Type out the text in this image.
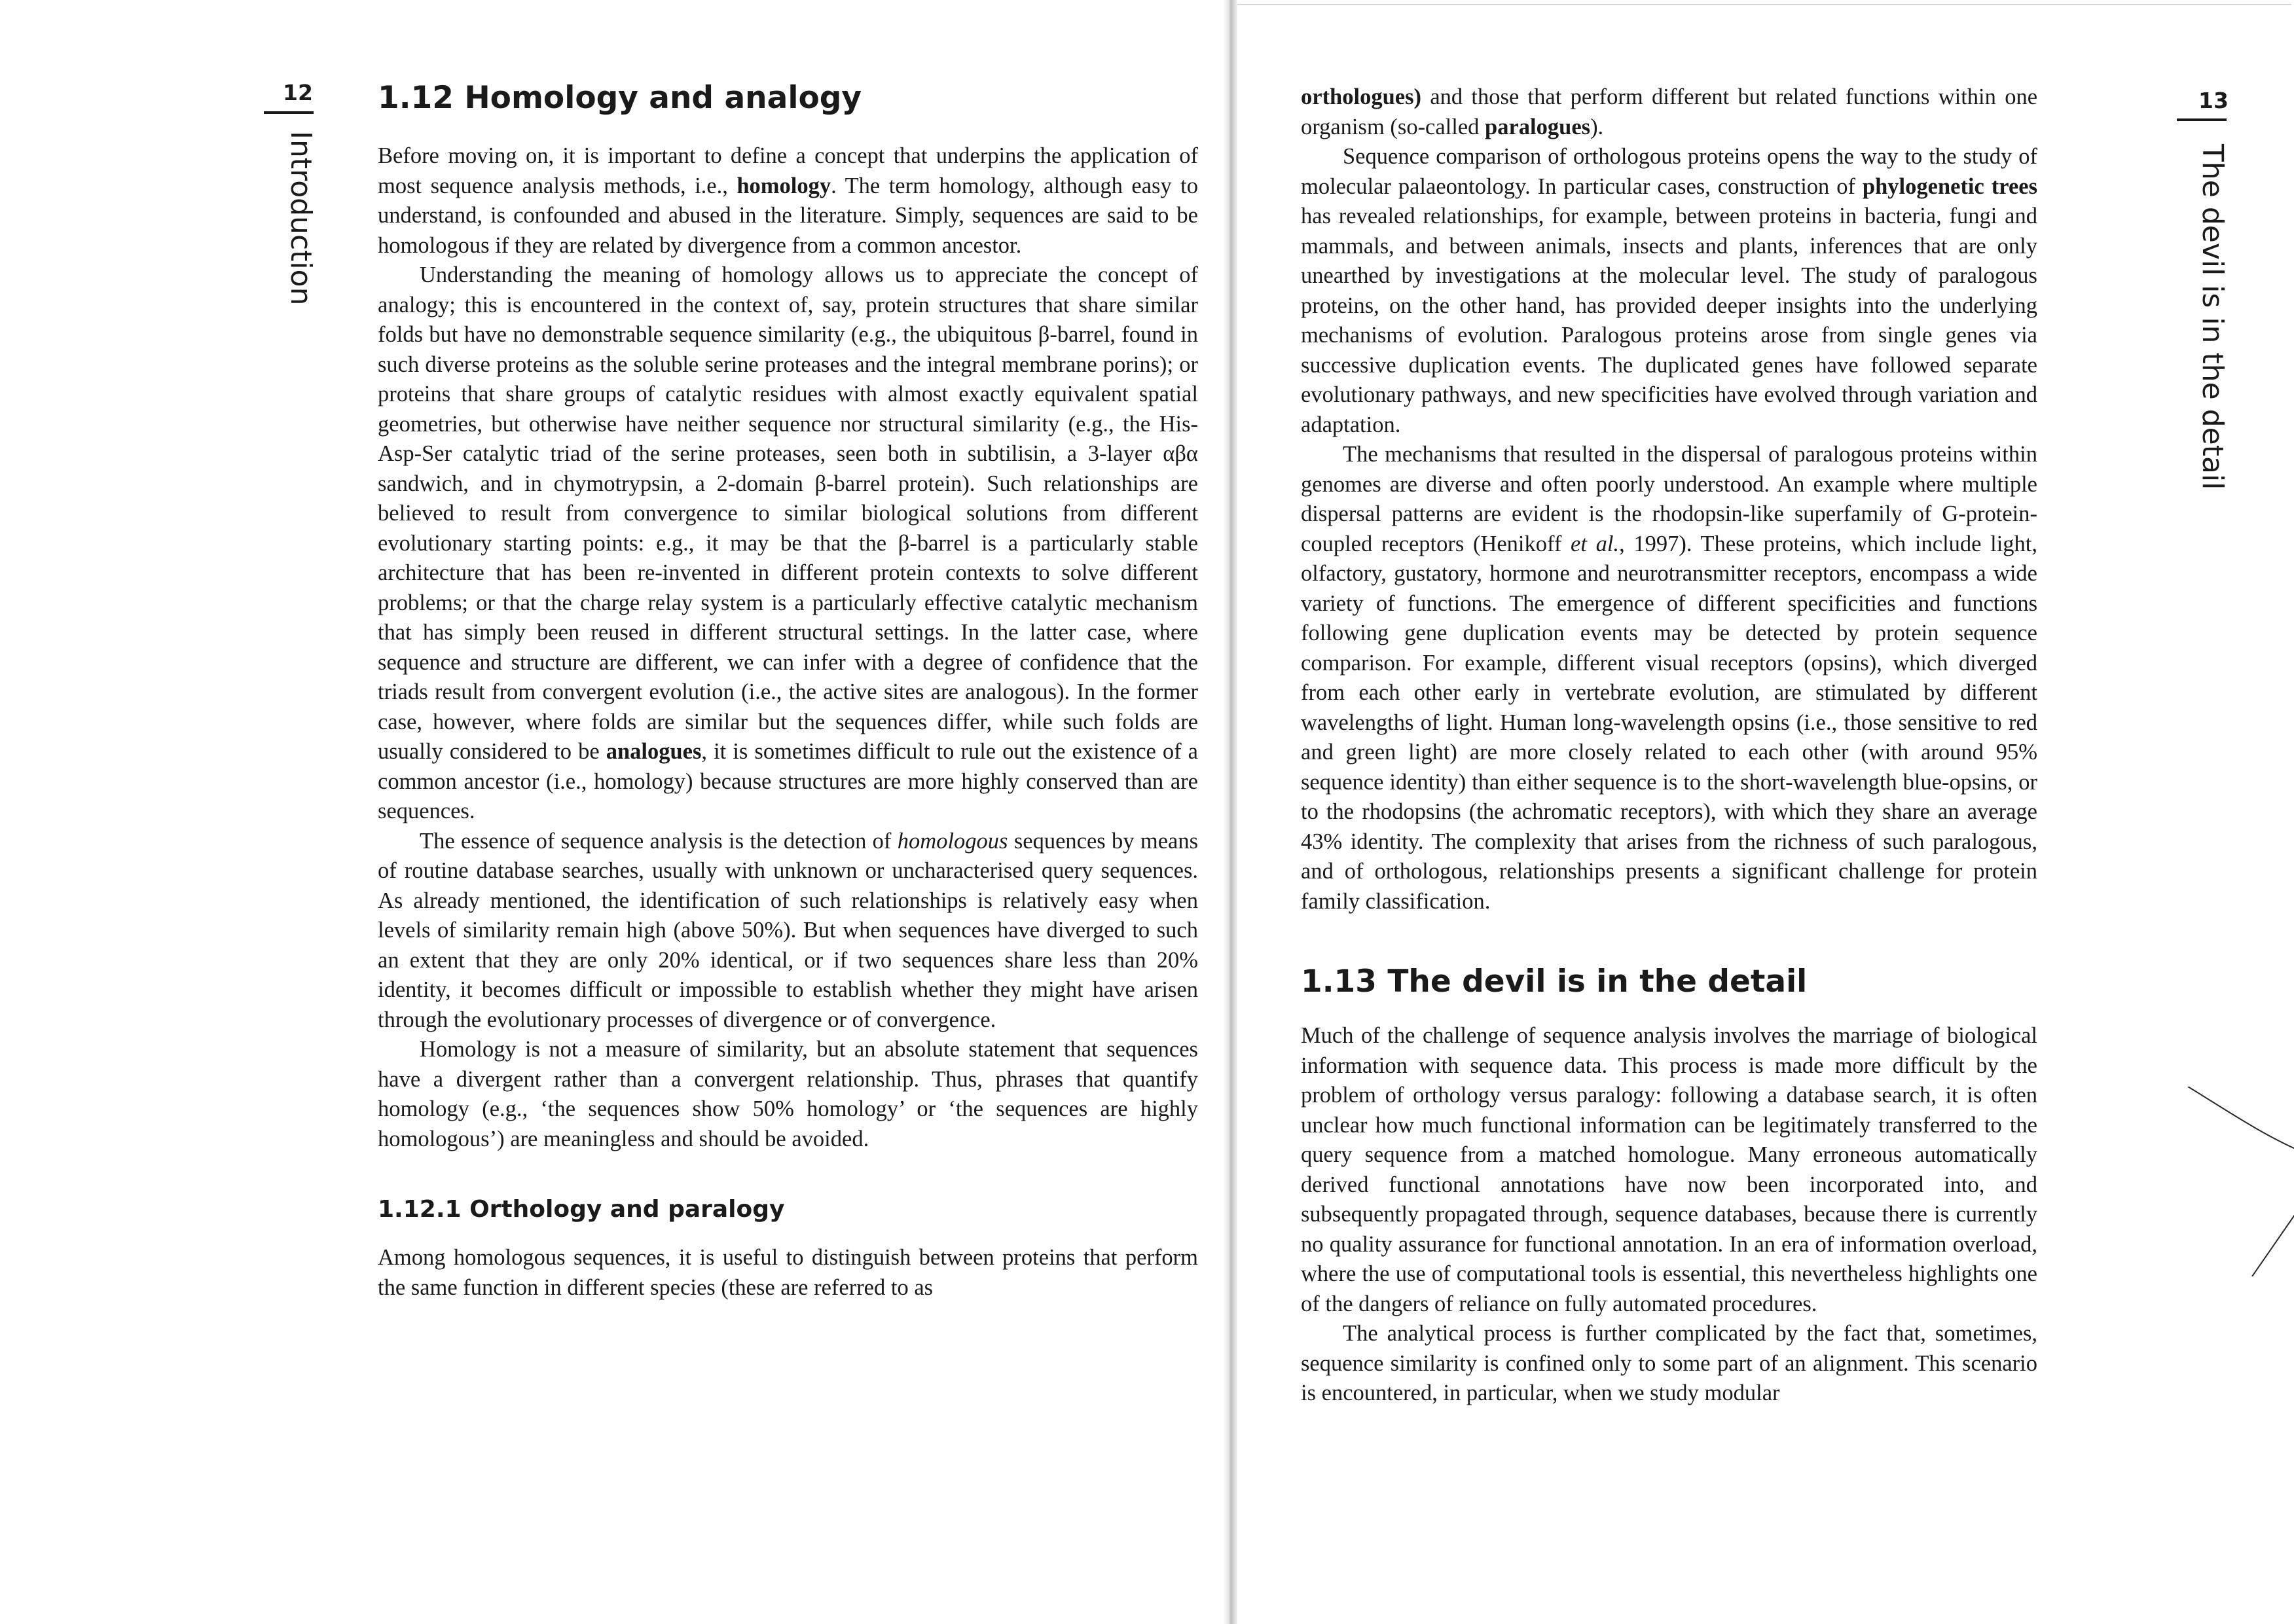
12
Introduction
1.12 Homology and analogy

Before moving on, it is important to define a concept that underpins the application of most sequence analysis methods, i.e., homology. The term homology, although easy to understand, is confounded and abused in the literature. Simply, sequences are said to be homologous if they are related by divergence from a common ancestor.

Understanding the meaning of homology allows us to appreciate the concept of analogy; this is encountered in the context of, say, protein structures that share similar folds but have no demonstrable sequence similarity (e.g., the ubiquitous β-barrel, found in such diverse proteins as the soluble serine proteases and the integral membrane porins); or proteins that share groups of catalytic residues with almost exactly equivalent spatial geometries, but otherwise have neither sequence nor structural similarity (e.g., the His-Asp-Ser catalytic triad of the serine proteases, seen both in subtilisin, a 3-layer αβα sandwich, and in chymotrypsin, a 2-domain β-barrel protein). Such relationships are believed to result from convergence to similar biological solutions from different evolutionary starting points: e.g., it may be that the β-barrel is a particularly stable architecture that has been re-invented in different protein contexts to solve different problems; or that the charge relay system is a particularly effective catalytic mechanism that has simply been reused in different structural settings. In the latter case, where sequence and structure are different, we can infer with a degree of confidence that the triads result from convergent evolution (i.e., the active sites are analogous). In the former case, however, where folds are similar but the sequences differ, while such folds are usually considered to be analogues, it is sometimes difficult to rule out the existence of a common ancestor (i.e., homology) because structures are more highly conserved than are sequences.

The essence of sequence analysis is the detection of homologous sequences by means of routine database searches, usually with unknown or uncharacterised query sequences. As already mentioned, the identification of such relationships is relatively easy when levels of similarity remain high (above 50%). But when sequences have diverged to such an extent that they are only 20% identical, or if two sequences share less than 20% identity, it becomes difficult or impossible to establish whether they might have arisen through the evolutionary processes of divergence or of convergence.

Homology is not a measure of similarity, but an absolute statement that sequences have a divergent rather than a convergent relationship. Thus, phrases that quantify homology (e.g., ‘the sequences show 50% homology’ or ‘the sequences are highly homologous’) are meaningless and should be avoided.

1.12.1 Orthology and paralogy

Among homologous sequences, it is useful to distinguish between proteins that perform the same function in different species (these are referred to as

13
The devil is in the detail

orthologues) and those that perform different but related functions within one organism (so-called paralogues).

Sequence comparison of orthologous proteins opens the way to the study of molecular palaeontology. In particular cases, construction of phylogenetic trees has revealed relationships, for example, between proteins in bacteria, fungi and mammals, and between animals, insects and plants, inferences that are only unearthed by investigations at the molecular level. The study of paralogous proteins, on the other hand, has provided deeper insights into the underlying mechanisms of evolution. Paralogous proteins arose from single genes via successive duplication events. The duplicated genes have followed separate evolutionary pathways, and new specificities have evolved through variation and adaptation.

The mechanisms that resulted in the dispersal of paralogous proteins within genomes are diverse and often poorly understood. An example where multiple dispersal patterns are evident is the rhodopsin-like superfamily of G-protein-coupled receptors (Henikoff et al., 1997). These proteins, which include light, olfactory, gustatory, hormone and neurotransmitter receptors, encompass a wide variety of functions. The emergence of different specificities and functions following gene duplication events may be detected by protein sequence comparison. For example, different visual receptors (opsins), which diverged from each other early in vertebrate evolution, are stimulated by different wavelengths of light. Human long-wavelength opsins (i.e., those sensitive to red and green light) are more closely related to each other (with around 95% sequence identity) than either sequence is to the short-wavelength blue-opsins, or to the rhodopsins (the achromatic receptors), with which they share an average 43% identity. The complexity that arises from the richness of such paralogous, and of orthologous, relationships presents a significant challenge for protein family classification.

1.13 The devil is in the detail

Much of the challenge of sequence analysis involves the marriage of biological information with sequence data. This process is made more difficult by the problem of orthology versus paralogy: following a database search, it is often unclear how much functional information can be legitimately transferred to the query sequence from a matched homologue. Many erroneous automatically derived functional annotations have now been incorporated into, and subsequently propagated through, sequence databases, because there is currently no quality assurance for functional annotation. In an era of information overload, where the use of computational tools is essential, this nevertheless highlights one of the dangers of reliance on fully automated procedures.

The analytical process is further complicated by the fact that, sometimes, sequence similarity is confined only to some part of an alignment. This scenario is encountered, in particular, when we study modular
